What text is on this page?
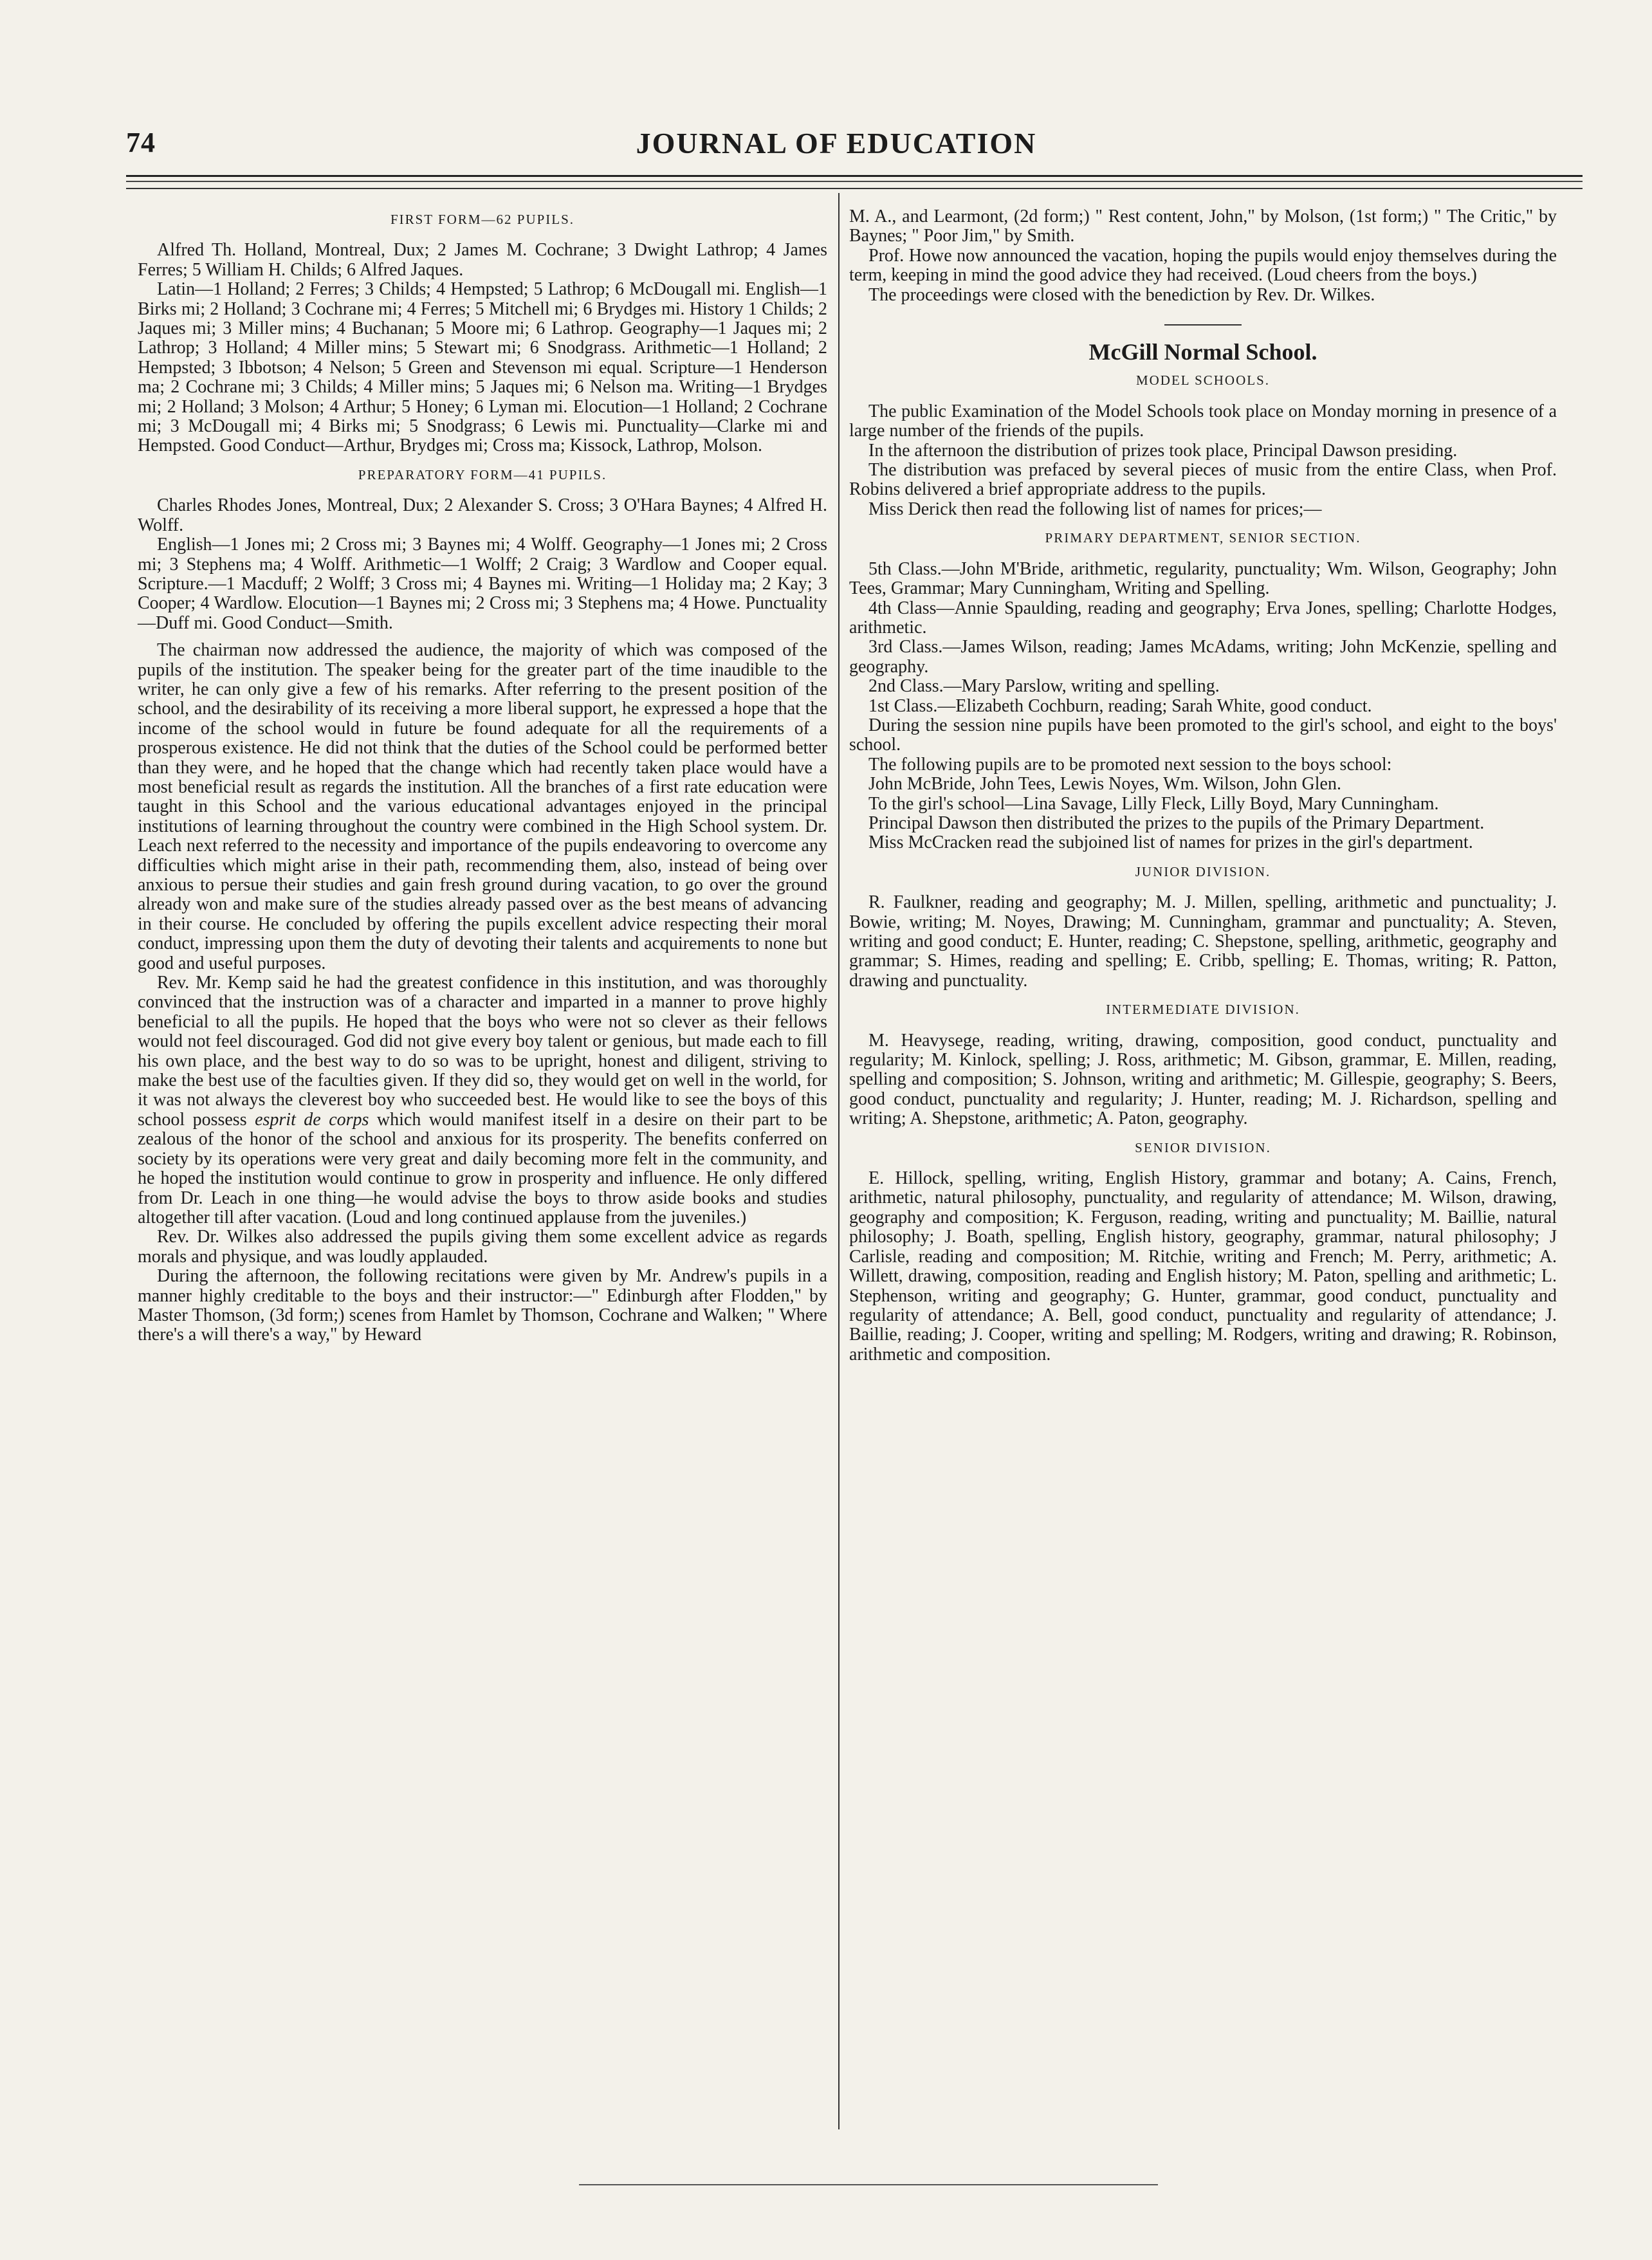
74	JOURNAL OF EDUCATION
FIRST FORM—62 PUPILS.

Alfred Th. Holland, Montreal, Dux; 2 James M. Cochrane; 3 Dwight Lathrop; 4 James Ferres; 5 William H. Childs; 6 Alfred Jaques.

Latin—1 Holland; 2 Ferres; 3 Childs; 4 Hempsted; 5 Lathrop; 6 McDougall mi. English—1 Birks mi; 2 Holland; 3 Cochrane mi; 4 Ferres; 5 Mitchell mi; 6 Brydges mi. History 1 Childs; 2 Jaques mi; 3 Miller mins; 4 Buchanan; 5 Moore mi; 6 Lathrop. Geography—1 Jaques mi; 2 Lathrop; 3 Holland; 4 Miller mins; 5 Stewart mi; 6 Snodgrass. Arithmetic—1 Holland; 2 Hempsted; 3 Ibbotson; 4 Nelson; 5 Green and Stevenson mi equal. Scripture—1 Henderson ma; 2 Cochrane mi; 3 Childs; 4 Miller mins; 5 Jaques mi; 6 Nelson ma. Writing—1 Brydges mi; 2 Holland; 3 Molson; 4 Arthur; 5 Honey; 6 Lyman mi. Elocution—1 Holland; 2 Cochrane mi; 3 McDougall mi; 4 Birks mi; 5 Snodgrass; 6 Lewis mi. Punctuality—Clarke mi and Hempsted. Good Conduct—Arthur, Brydges mi; Cross ma; Kissock, Lathrop, Molson.

PREPARATORY FORM—41 PUPILS.

Charles Rhodes Jones, Montreal, Dux; 2 Alexander S. Cross; 3 O'Hara Baynes; 4 Alfred H. Wolff.

English—1 Jones mi; 2 Cross mi; 3 Baynes mi; 4 Wolff. Geography—1 Jones mi; 2 Cross mi; 3 Stephens ma; 4 Wolff. Arithmetic—1 Wolff; 2 Craig; 3 Wardlow and Cooper equal. Scripture.—1 Macduff; 2 Wolff; 3 Cross mi; 4 Baynes mi. Writing—1 Holiday ma; 2 Kay; 3 Cooper; 4 Wardlow. Elocution—1 Baynes mi; 2 Cross mi; 3 Stephens ma; 4 Howe. Punctuality—Duff mi. Good Conduct—Smith.

The chairman now addressed the audience, the majority of which was composed of the pupils of the institution. The speaker being for the greater part of the time inaudible to the writer, he can only give a few of his remarks. After referring to the present position of the school, and the desirability of its receiving a more liberal support, he expressed a hope that the income of the school would in future be found adequate for all the requirements of a prosperous existence. He did not think that the duties of the School could be performed better than they were, and he hoped that the change which had recently taken place would have a most beneficial result as regards the institution. All the branches of a first rate education were taught in this School and the various educational advantages enjoyed in the principal institutions of learning throughout the country were combined in the High School system. Dr. Leach next referred to the necessity and importance of the pupils endeavoring to overcome any difficulties which might arise in their path, recommending them, also, instead of being over anxious to persue their studies and gain fresh ground during vacation, to go over the ground already won and make sure of the studies already passed over as the best means of advancing in their course. He concluded by offering the pupils excellent advice respecting their moral conduct, impressing upon them the duty of devoting their talents and acquirements to none but good and useful purposes.

Rev. Mr. Kemp said he had the greatest confidence in this institution, and was thoroughly convinced that the instruction was of a character and imparted in a manner to prove highly beneficial to all the pupils. He hoped that the boys who were not so clever as their fellows would not feel discouraged. God did not give every boy talent or genious, but made each to fill his own place, and the best way to do so was to be upright, honest and diligent, striving to make the best use of the faculties given. If they did so, they would get on well in the world, for it was not always the cleverest boy who succeeded best. He would like to see the boys of this school possess esprit de corps which would manifest itself in a desire on their part to be zealous of the honor of the school and anxious for its prosperity. The benefits conferred on society by its operations were very great and daily becoming more felt in the community, and he hoped the institution would continue to grow in prosperity and influence. He only differed from Dr. Leach in one thing—he would advise the boys to throw aside books and studies altogether till after vacation. (Loud and long continued applause from the juveniles.)

Rev. Dr. Wilkes also addressed the pupils giving them some excellent advice as regards morals and physique, and was loudly applauded.

During the afternoon, the following recitations were given by Mr. Andrew's pupils in a manner highly creditable to the boys and their instructor:—" Edinburgh after Flodden," by Master Thomson, (3d form;) scenes from Hamlet by Thomson, Cochrane and Walken; " Where there's a will there's a way," by Heward

M. A., and Learmont, (2d form;) " Rest content, John," by Molson, (1st form;) " The Critic," by Baynes; " Poor Jim," by Smith.

Prof. Howe now announced the vacation, hoping the pupils would enjoy themselves during the term, keeping in mind the good advice they had received. (Loud cheers from the boys.)

The proceedings were closed with the benediction by Rev. Dr. Wilkes.

McGill Normal School.
MODEL SCHOOLS.

The public Examination of the Model Schools took place on Monday morning in presence of a large number of the friends of the pupils.

In the afternoon the distribution of prizes took place, Principal Dawson presiding.

The distribution was prefaced by several pieces of music from the entire Class, when Prof. Robins delivered a brief appropriate address to the pupils.

Miss Derick then read the following list of names for prices;—

PRIMARY DEPARTMENT, SENIOR SECTION.

5th Class.—John M'Bride, arithmetic, regularity, punctuality; Wm. Wilson, Geography; John Tees, Grammar; Mary Cunningham, Writing and Spelling.

4th Class—Annie Spaulding, reading and geography; Erva Jones, spelling; Charlotte Hodges, arithmetic.

3rd Class.—James Wilson, reading; James McAdams, writing; John McKenzie, spelling and geography.

2nd Class.—Mary Parslow, writing and spelling.

1st Class.—Elizabeth Cochburn, reading; Sarah White, good conduct.

During the session nine pupils have been promoted to the girl's school, and eight to the boys' school.

The following pupils are to be promoted next session to the boys school:

John McBride, John Tees, Lewis Noyes, Wm. Wilson, John Glen.

To the girl's school—Lina Savage, Lilly Fleck, Lilly Boyd, Mary Cunningham.

Principal Dawson then distributed the prizes to the pupils of the Primary Department.

Miss McCracken read the subjoined list of names for prizes in the girl's department.

JUNIOR DIVISION.

R. Faulkner, reading and geography; M. J. Millen, spelling, arithmetic and punctuality; J. Bowie, writing; M. Noyes, Drawing; M. Cunningham, grammar and punctuality; A. Steven, writing and good conduct; E. Hunter, reading; C. Shepstone, spelling, arithmetic, geography and grammar; S. Himes, reading and spelling; E. Cribb, spelling; E. Thomas, writing; R. Patton, drawing and punctuality.

INTERMEDIATE DIVISION.

M. Heavysege, reading, writing, drawing, composition, good conduct, punctuality and regularity; M. Kinlock, spelling; J. Ross, arithmetic; M. Gibson, grammar, E. Millen, reading, spelling and composition; S. Johnson, writing and arithmetic; M. Gillespie, geography; S. Beers, good conduct, punctuality and regularity; J. Hunter, reading; M. J. Richardson, spelling and writing; A. Shepstone, arithmetic; A. Paton, geography.

SENIOR DIVISION.

E. Hillock, spelling, writing, English History, grammar and botany; A. Cains, French, arithmetic, natural philosophy, punctuality, and regularity of attendance; M. Wilson, drawing, geography and composition; K. Ferguson, reading, writing and punctuality; M. Baillie, natural philosophy; J. Boath, spelling, English history, geography, grammar, natural philosophy; J Carlisle, reading and composition; M. Ritchie, writing and French; M. Perry, arithmetic; A. Willett, drawing, composition, reading and English history; M. Paton, spelling and arithmetic; L. Stephenson, writing and geography; G. Hunter, grammar, good conduct, punctuality and regularity of attendance; A. Bell, good conduct, punctuality and regularity of attendance; J. Baillie, reading; J. Cooper, writing and spelling; M. Rodgers, writing and drawing; R. Robinson, arithmetic and composition.
